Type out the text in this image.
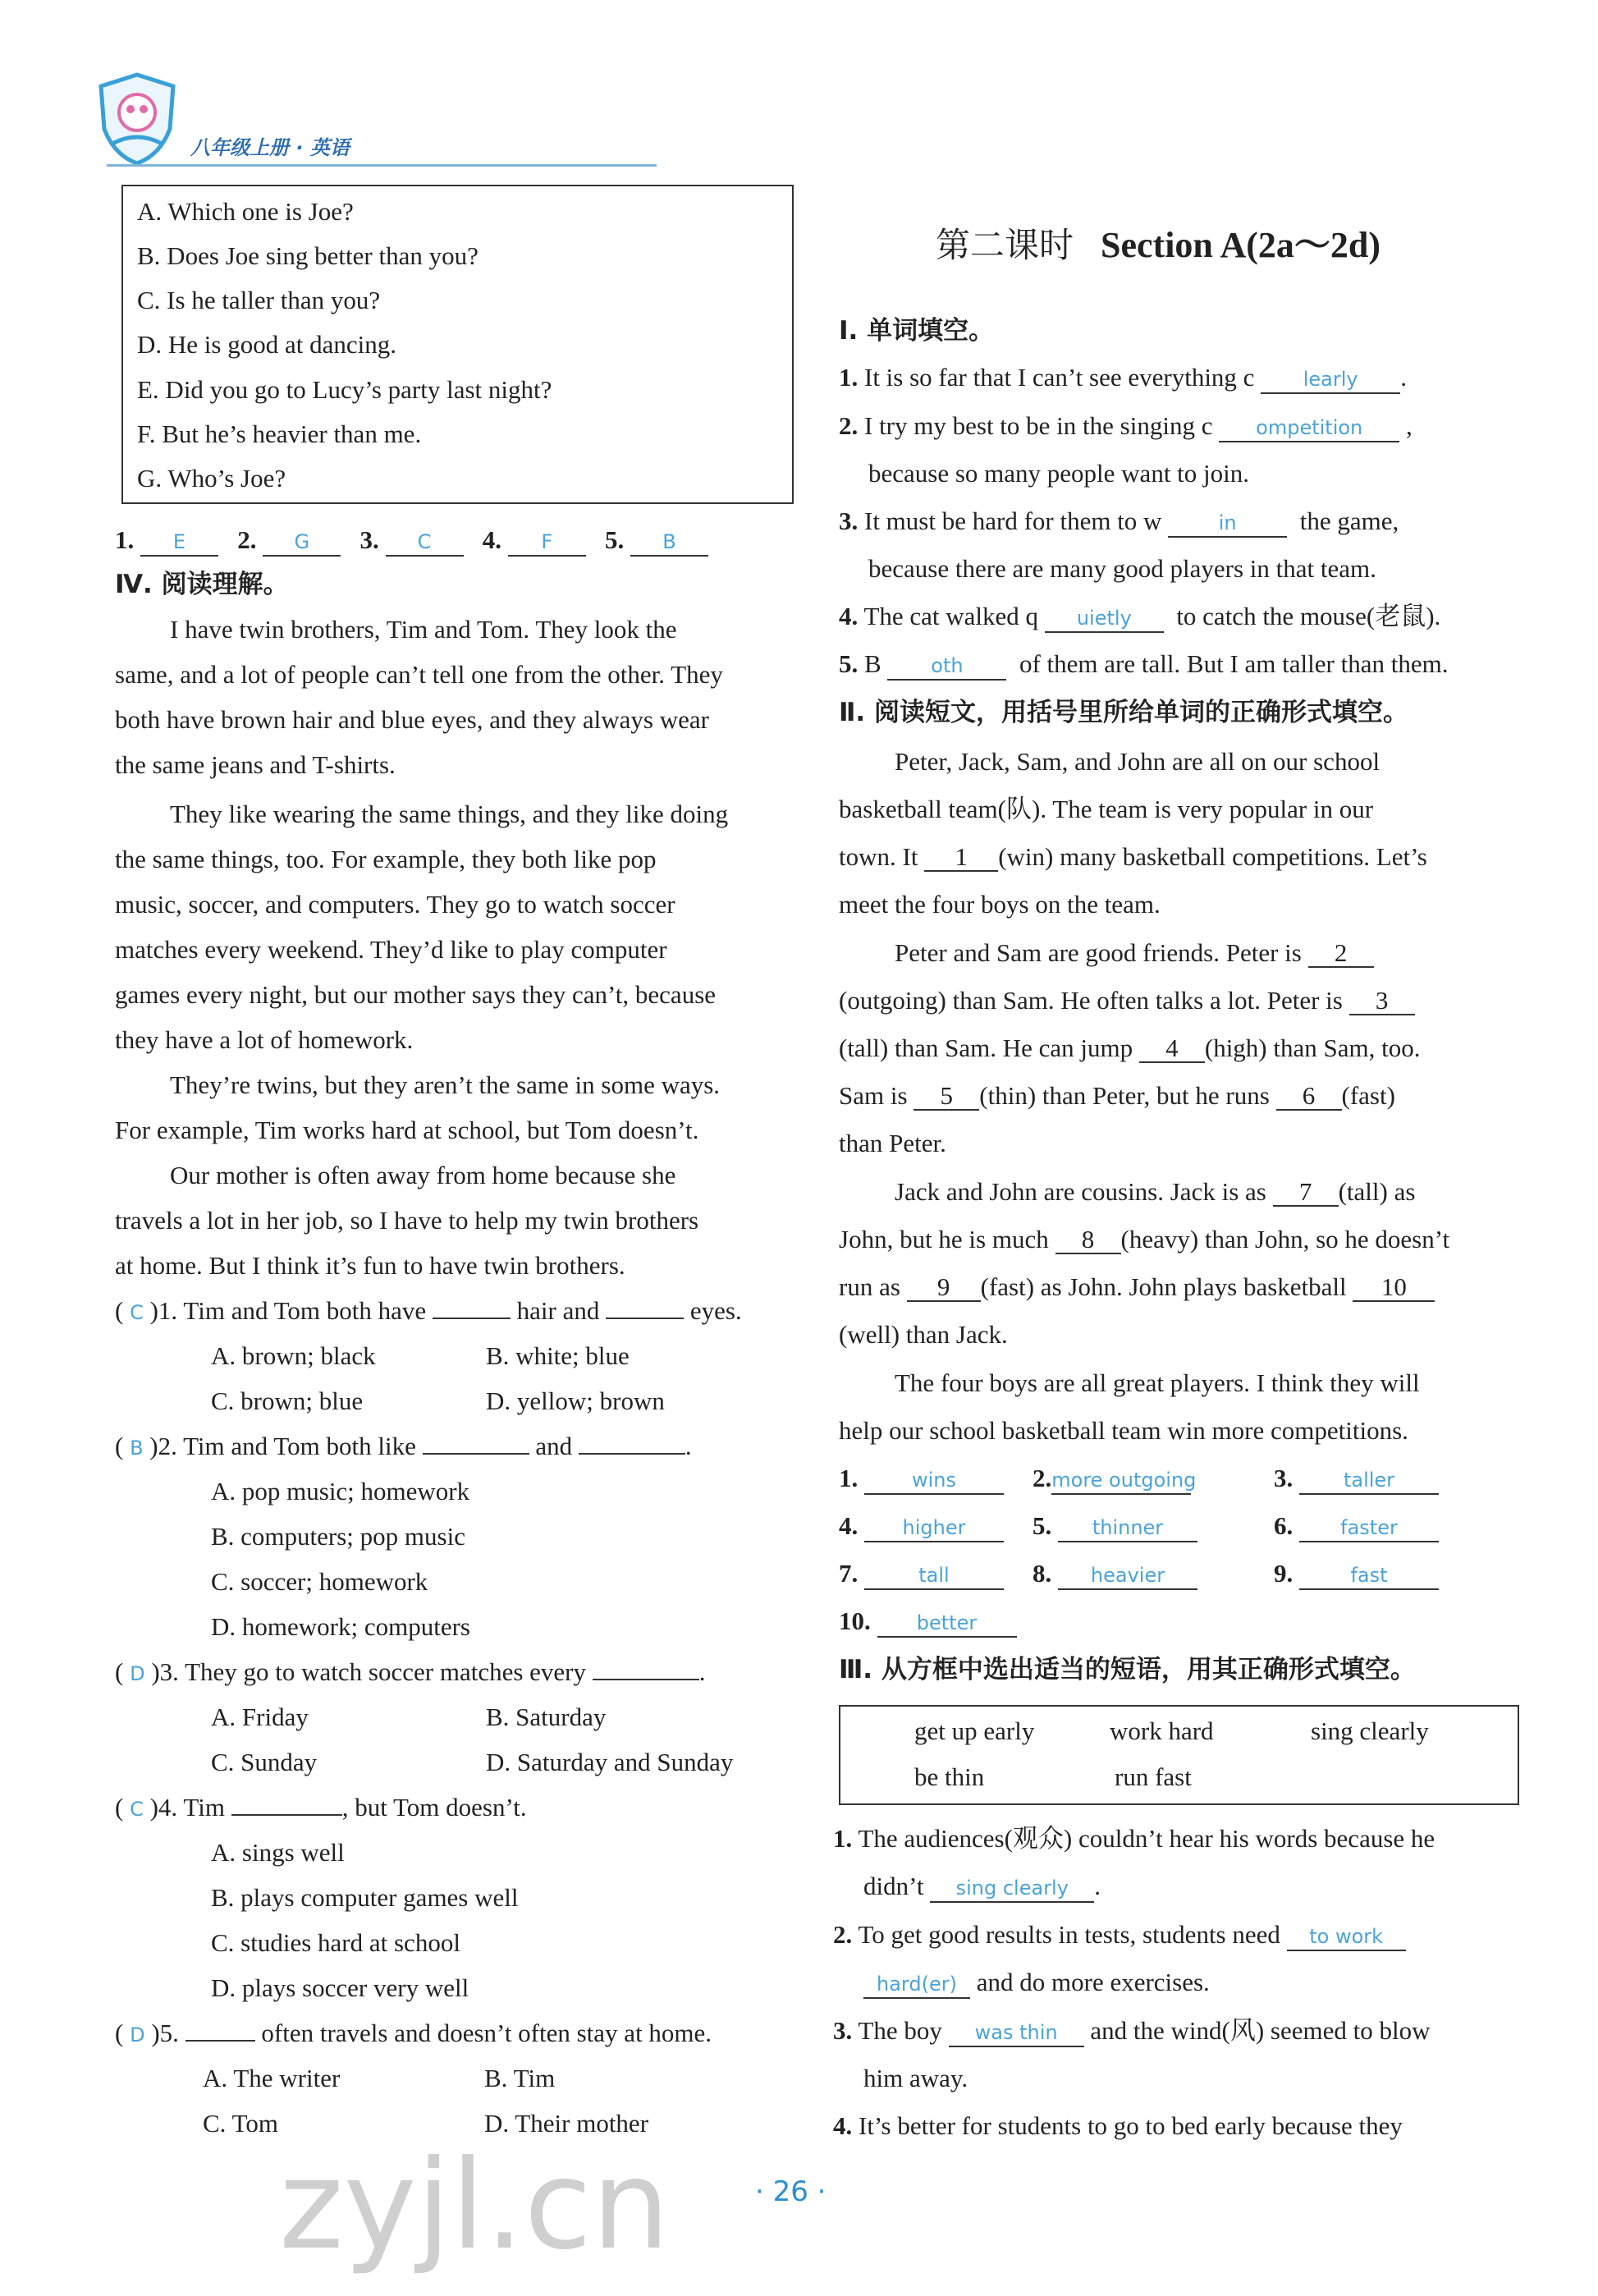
八年级上册 · 英语
A. Which one is Joe?
B. Does Joe sing better than you?
C. Is he taller than you?
D. He is good at dancing.
E. Did you go to Lucy’s party last night?
F. But he’s heavier than me.
G. Who’s Joe?
1. E 2. G 3. C 4. F 5. B
Ⅳ. 阅读理解。
I have twin brothers, Tim and Tom. They look the
same, and a lot of people can’t tell one from the other. They
both have brown hair and blue eyes, and they always wear
the same jeans and T-shirts.
They like wearing the same things, and they like doing
the same things, too. For example, they both like pop
music, soccer, and computers. They go to watch soccer
matches every weekend. They’d like to play computer
games every night, but our mother says they can’t, because
they have a lot of homework.
They’re twins, but they aren’t the same in some ways.
For example, Tim works hard at school, but Tom doesn’t.
Our mother is often away from home because she
travels a lot in her job, so I have to help my twin brothers
at home. But I think it’s fun to have twin brothers.
( C )1. Tim and Tom both have	hair and	eyes.
A. brown; black	B. white; blue
C. brown; blue	D. yellow; brown
( B )2. Tim and Tom both like	and	.
A. pop music; homework
B. computers; pop music
C. soccer; homework
D. homework; computers
( D )3. They go to watch soccer matches every	.
A. Friday	B. Saturday
C. Sunday	D. Saturday and Sunday
( C )4. Tim	, but Tom doesn’t.
A. sings well
B. plays computer games well
C. studies hard at school
D. plays soccer very well
( D )5.	often travels and doesn’t often stay at home.
A. The writer	B. Tim
C. Tom	D. Their mother
第二课时 Section A(2a～2d)
Ⅰ. 单词填空。
1. It is so far that I can’t see everything c learly .
2. I try my best to be in the singing c ompetition ,
because so many people want to join.
3. It must be hard for them to w	in the game,
because there are many good players in that team.
4. The cat walked q uietly to catch the mouse(老鼠).
5. B	oth of them are tall. But I am taller than them.
Ⅱ. 阅读短文，用括号里所给单词的正确形式填空。
Peter, Jack, Sam, and John are all on our school
basketball team(队). The team is very popular in our
town. It 1 (win) many basketball competitions. Let’s
meet the four boys on the team.
Peter and Sam are good friends. Peter is 2
(outgoing) than Sam. He often talks a lot. Peter is 3
(tall) than Sam. He can jump 4 (high) than Sam, too.
Sam is 5 (thin) than Peter, but he runs 6 (fast)
than Peter.
Jack and John are cousins. Jack is as 7 (tall) as
John, but he is much 8 (heavy) than John, so he doesn’t
run as 9 (fast) as John. John plays basketball 10
(well) than Jack.
The four boys are all great players. I think they will
help our school basketball team win more competitions.
1.	wins	2.more outgoing	3.	taller
4. higher	5. thinner	6. faster
7.	tall	8. heavier	9.	fast
10. better
Ⅲ. 从方框中选出适当的短语，用其正确形式填空。
get up early	work hard	sing clearly
be thin	run fast
1. The audiences(观众) couldn’t hear his words because he
didn’t sing clearly .
2. To get good results in tests, students need to work
hard(er) and do more exercises.
3. The boy was thin and the wind(风) seemed to blow
him away.
4. It’s better for students to go to bed early because they
· 26 ·
zyjl.cn
